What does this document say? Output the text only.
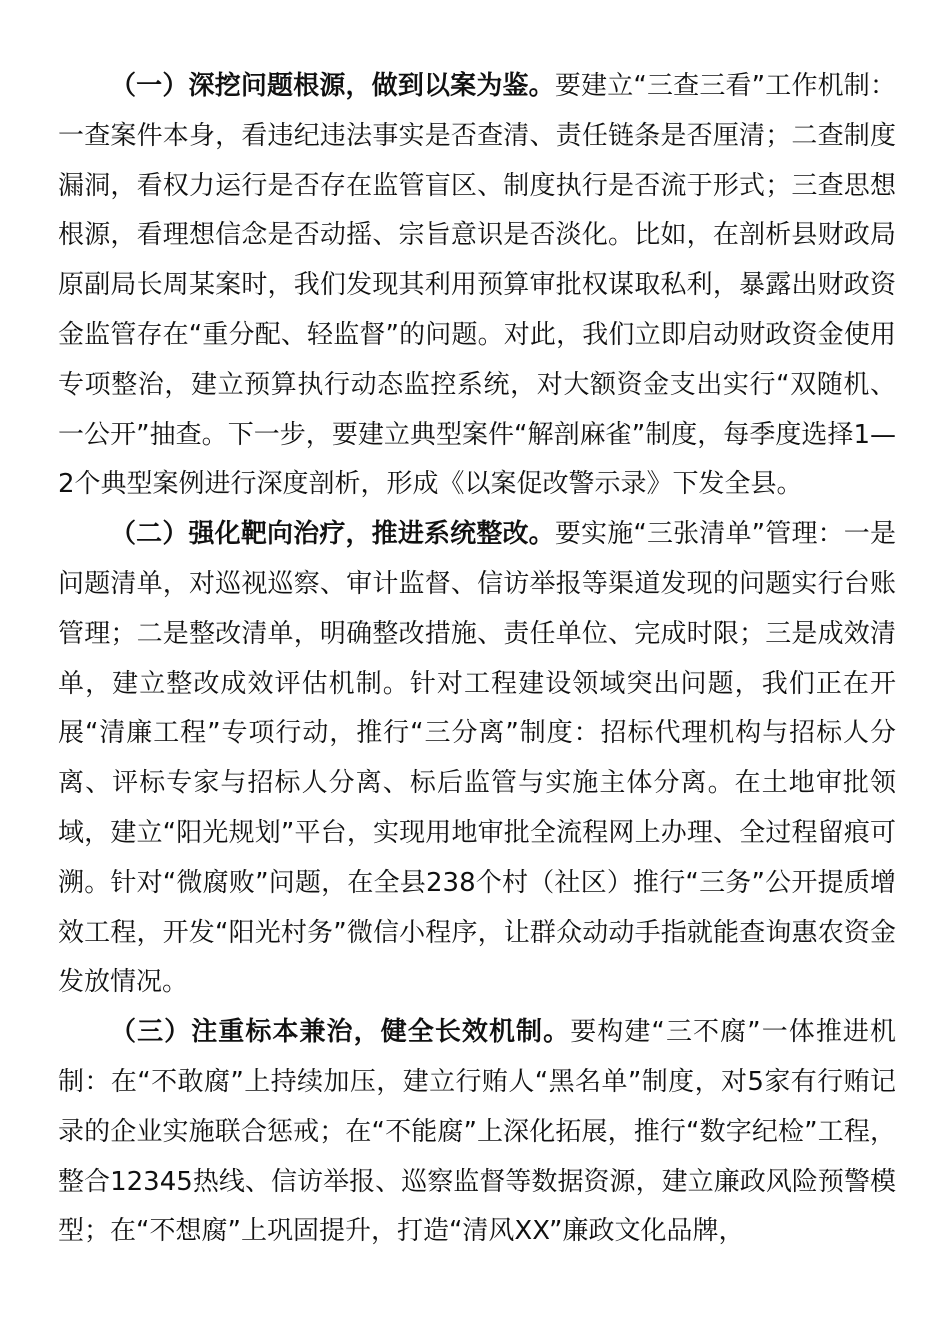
（一）深挖问题根源，做到以案为鉴。要建立“三查三看”工作机制：一查案件本身，看违纪违法事实是否查清、责任链条是否厘清；二查制度漏洞，看权力运行是否存在监管盲区、制度执行是否流于形式；三查思想根源，看理想信念是否动摇、宗旨意识是否淡化。比如，在剖析县财政局原副局长周某案时，我们发现其利用预算审批权谋取私利，暴露出财政资金监管存在“重分配、轻监督”的问题。对此，我们立即启动财政资金使用专项整治，建立预算执行动态监控系统，对大额资金支出实行“双随机、一公开”抽查。下一步，要建立典型案件“解剖麻雀”制度，每季度选择1—2个典型案例进行深度剖析，形成《以案促改警示录》下发全县。

（二）强化靶向治疗，推进系统整改。要实施“三张清单”管理：一是问题清单，对巡视巡察、审计监督、信访举报等渠道发现的问题实行台账管理；二是整改清单，明确整改措施、责任单位、完成时限；三是成效清单，建立整改成效评估机制。针对工程建设领域突出问题，我们正在开展“清廉工程”专项行动，推行“三分离”制度：招标代理机构与招标人分离、评标专家与招标人分离、标后监管与实施主体分离。在土地审批领域，建立“阳光规划”平台，实现用地审批全流程网上办理、全过程留痕可溯。针对“微腐败”问题，在全县238个村（社区）推行“三务”公开提质增效工程，开发“阳光村务”微信小程序，让群众动动手指就能查询惠农资金发放情况。

（三）注重标本兼治，健全长效机制。要构建“三不腐”一体推进机制：在“不敢腐”上持续加压，建立行贿人“黑名单”制度，对5家有行贿记录的企业实施联合惩戒；在“不能腐”上深化拓展，推行“数字纪检”工程，整合12345热线、信访举报、巡察监督等数据资源，建立廉政风险预警模型；在“不想腐”上巩固提升，打造“清风XX”廉政文化品牌，
